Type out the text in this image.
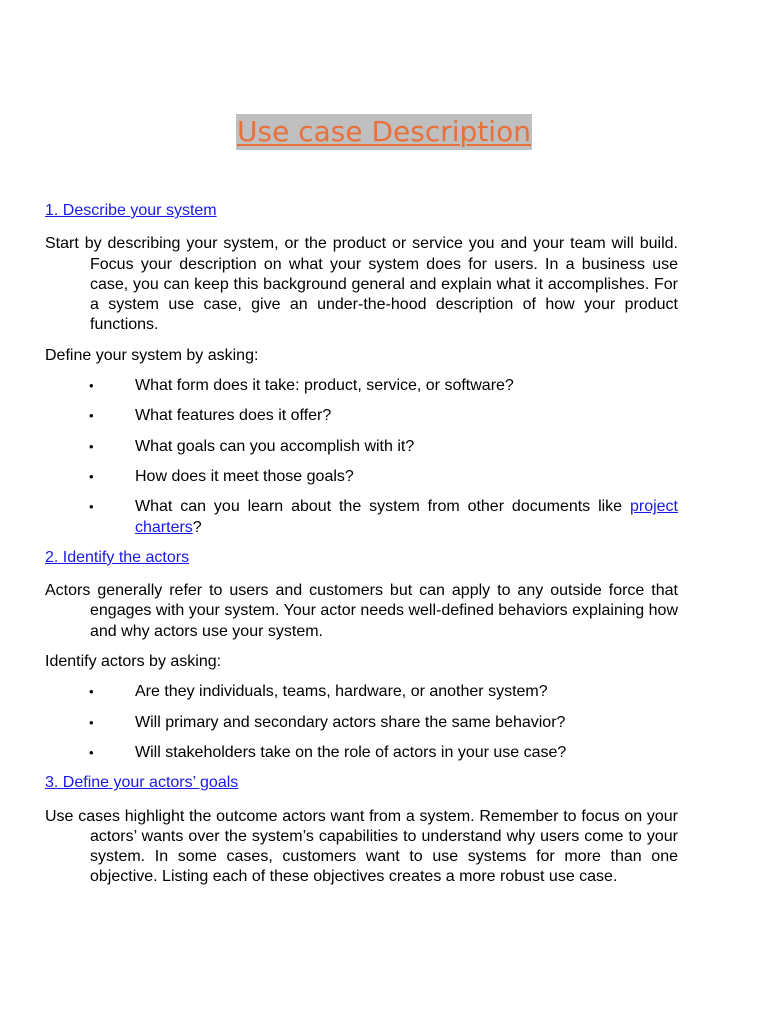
Use case Description
1. Describe your system

Start by describing your system, or the product or service you and your team will build. Focus your description on what your system does for users. In a business use case, you can keep this background general and explain what it accomplishes. For a system use case, give an under-the-hood description of how your product functions.

Define your system by asking:

•	What form does it take: product, service, or software?
•	What features does it offer?
•	What goals can you accomplish with it?
•	How does it meet those goals?
•	What can you learn about the system from other documents like project charters?
2. Identify the actors

Actors generally refer to users and customers but can apply to any outside force that engages with your system. Your actor needs well-defined behaviors explaining how and why actors use your system.

Identify actors by asking:

•	Are they individuals, teams, hardware, or another system?
•	Will primary and secondary actors share the same behavior?
•	Will stakeholders take on the role of actors in your use case?
3. Define your actors’ goals

Use cases highlight the outcome actors want from a system. Remember to focus on your actors’ wants over the system’s capabilities to understand why users come to your system. In some cases, customers want to use systems for more than one objective. Listing each of these objectives creates a more robust use case.
